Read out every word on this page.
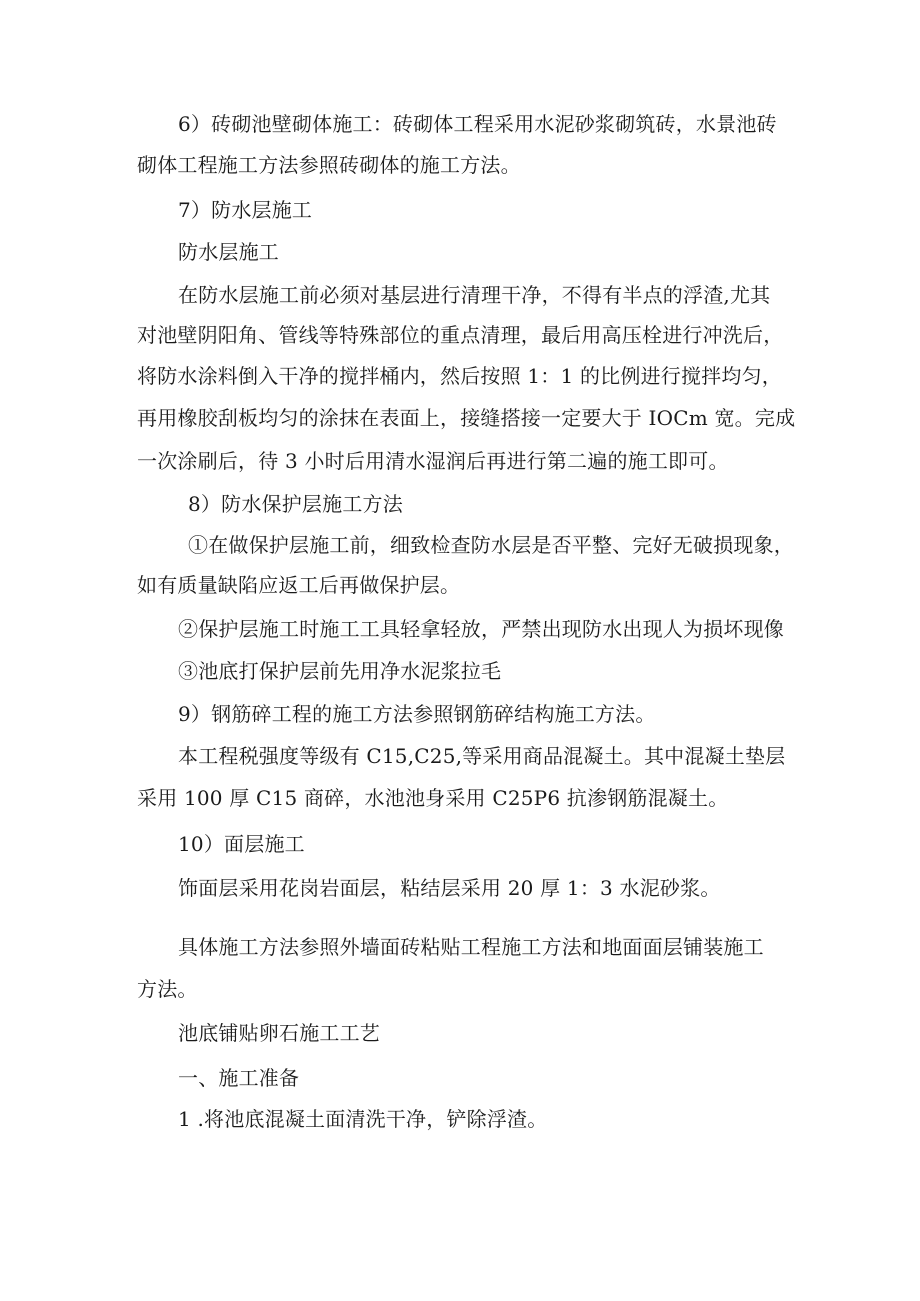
6）砖砌池壁砌体施工：砖砌体工程采用水泥砂浆砌筑砖，水景池砖
砌体工程施工方法参照砖砌体的施工方法。
7）防水层施工
防水层施工
在防水层施工前必须对基层进行清理干净，不得有半点的浮渣,尤其
对池壁阴阳角、管线等特殊部位的重点清理，最后用高压栓进行冲洗后，
将防水涂料倒入干净的搅拌桶内，然后按照 1：1 的比例进行搅拌均匀，
再用橡胶刮板均匀的涂抹在表面上，接缝搭接一定要大于 IOCm 宽。完成
一次涂刷后，待 3 小时后用清水湿润后再进行第二遍的施工即可。
8）防水保护层施工方法
①在做保护层施工前，细致检查防水层是否平整、完好无破损现象，
如有质量缺陷应返工后再做保护层。
②保护层施工时施工工具轻拿轻放，严禁出现防水出现人为损坏现像
③池底打保护层前先用净水泥浆拉毛
9）钢筋碎工程的施工方法参照钢筋碎结构施工方法。
本工程税强度等级有 C15,C25,等采用商品混凝土。其中混凝土垫层
采用 100 厚 C15 商碎，水池池身采用 C25P6 抗渗钢筋混凝土。
10）面层施工
饰面层采用花岗岩面层，粘结层采用 20 厚 1：3 水泥砂浆。
具体施工方法参照外墙面砖粘贴工程施工方法和地面面层铺装施工
方法。
池底铺贴卵石施工工艺
一、施工准备
1 .将池底混凝土面清洗干净，铲除浮渣。
